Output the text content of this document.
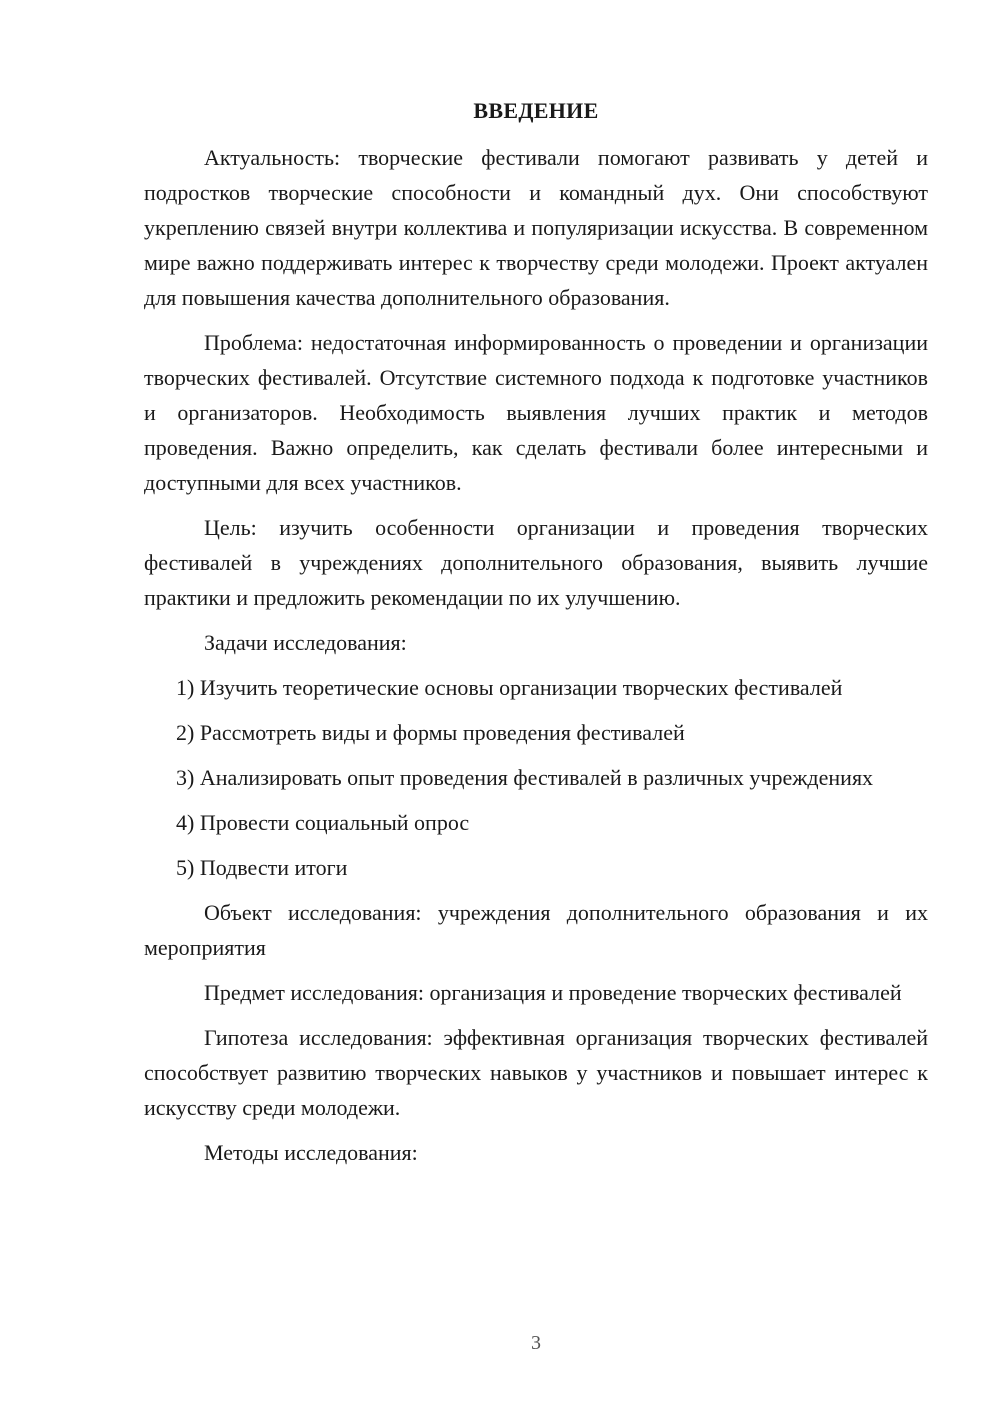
ВВЕДЕНИЕ

Актуальность: творческие фестивали помогают развивать у детей и подростков творческие способности и командный дух. Они способствуют укреплению связей внутри коллектива и популяризации искусства. В современном мире важно поддерживать интерес к творчеству среди молодежи. Проект актуален для повышения качества дополнительного образования.

Проблема: недостаточная информированность о проведении и организации творческих фестивалей. Отсутствие системного подхода к подготовке участников и организаторов. Необходимость выявления лучших практик и методов проведения. Важно определить, как сделать фестивали более интересными и доступными для всех участников.

Цель: изучить особенности организации и проведения творческих фестивалей в учреждениях дополнительного образования, выявить лучшие практики и предложить рекомендации по их улучшению.

Задачи исследования:

1) Изучить теоретические основы организации творческих фестивалей

2) Рассмотреть виды и формы проведения фестивалей

3) Анализировать опыт проведения фестивалей в различных учреждениях

4) Провести социальный опрос

5) Подвести итоги

Объект исследования: учреждения дополнительного образования и их мероприятия

Предмет исследования: организация и проведение творческих фестивалей

Гипотеза исследования: эффективная организация творческих фестивалей способствует развитию творческих навыков у участников и повышает интерес к искусству среди молодежи.

Методы исследования:

3
